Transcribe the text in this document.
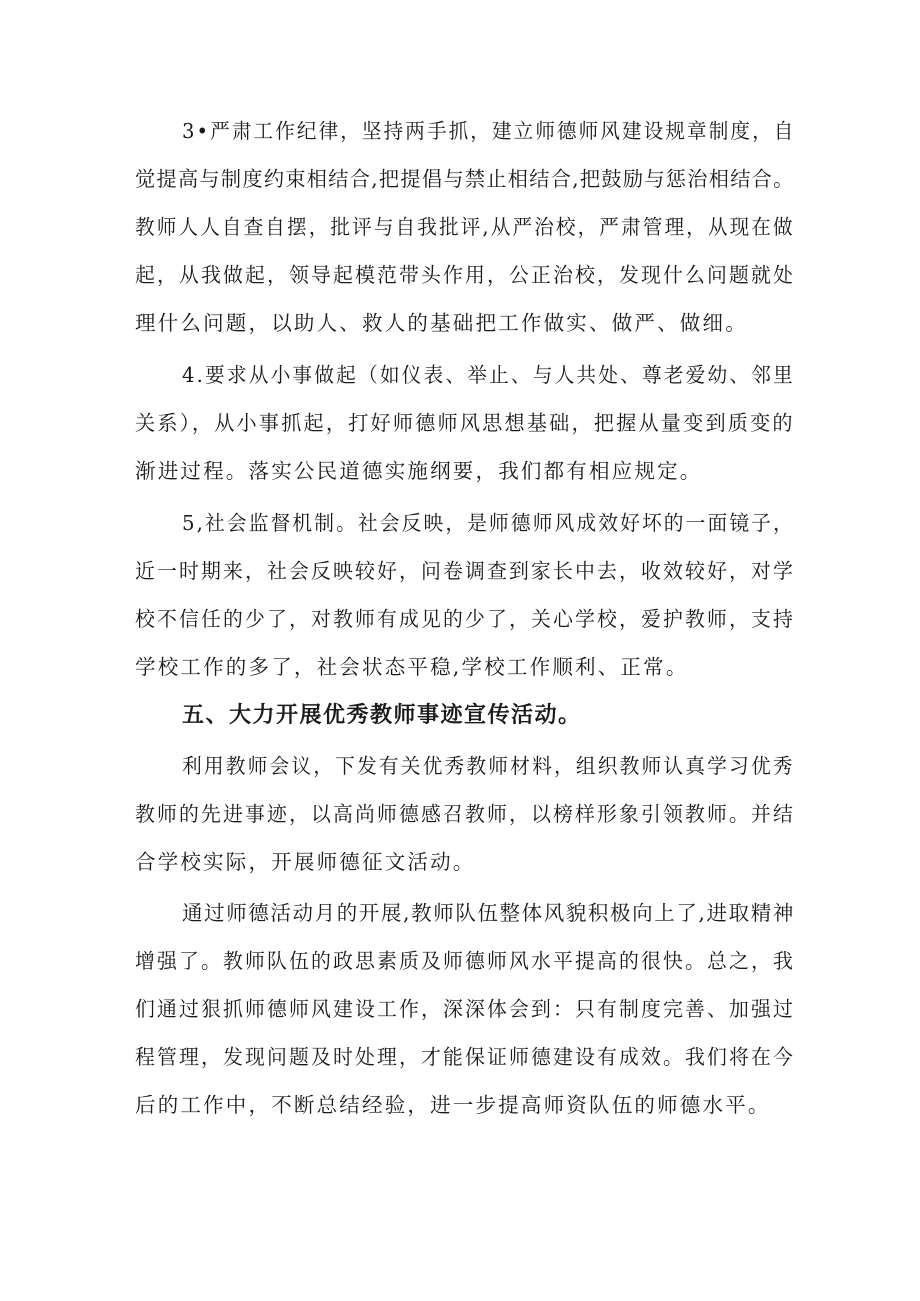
3•严肃工作纪律，坚持两手抓，建立师德师风建设规章制度，自
觉提高与制度约束相结合,把提倡与禁止相结合,把鼓励与惩治相结合。
教师人人自查自摆，批评与自我批评,从严治校，严肃管理，从现在做
起，从我做起，领导起模范带头作用，公正治校，发现什么问题就处
理什么问题，以助人、救人的基础把工作做实、做严、做细。
4.要求从小事做起（如仪表、举止、与人共处、尊老爱幼、邻里
关系），从小事抓起，打好师德师风思想基础，把握从量变到质变的
渐进过程。落实公民道德实施纲要，我们都有相应规定。
5,社会监督机制。社会反映，是师德师风成效好坏的一面镜子，
近一时期来，社会反映较好，问卷调查到家长中去，收效较好，对学
校不信任的少了，对教师有成见的少了，关心学校，爱护教师，支持
学校工作的多了，社会状态平稳,学校工作顺利、正常。
五、大力开展优秀教师事迹宣传活动。
利用教师会议，下发有关优秀教师材料，组织教师认真学习优秀
教师的先进事迹，以高尚师德感召教师，以榜样形象引领教师。并结
合学校实际，开展师德征文活动。
通过师德活动月的开展,教师队伍整体风貌积极向上了,进取精神
增强了。教师队伍的政思素质及师德师风水平提高的很快。总之，我
们通过狠抓师德师风建设工作，深深体会到：只有制度完善、加强过
程管理，发现问题及时处理，才能保证师德建设有成效。我们将在今
后的工作中，不断总结经验，进一步提高师资队伍的师德水平。
